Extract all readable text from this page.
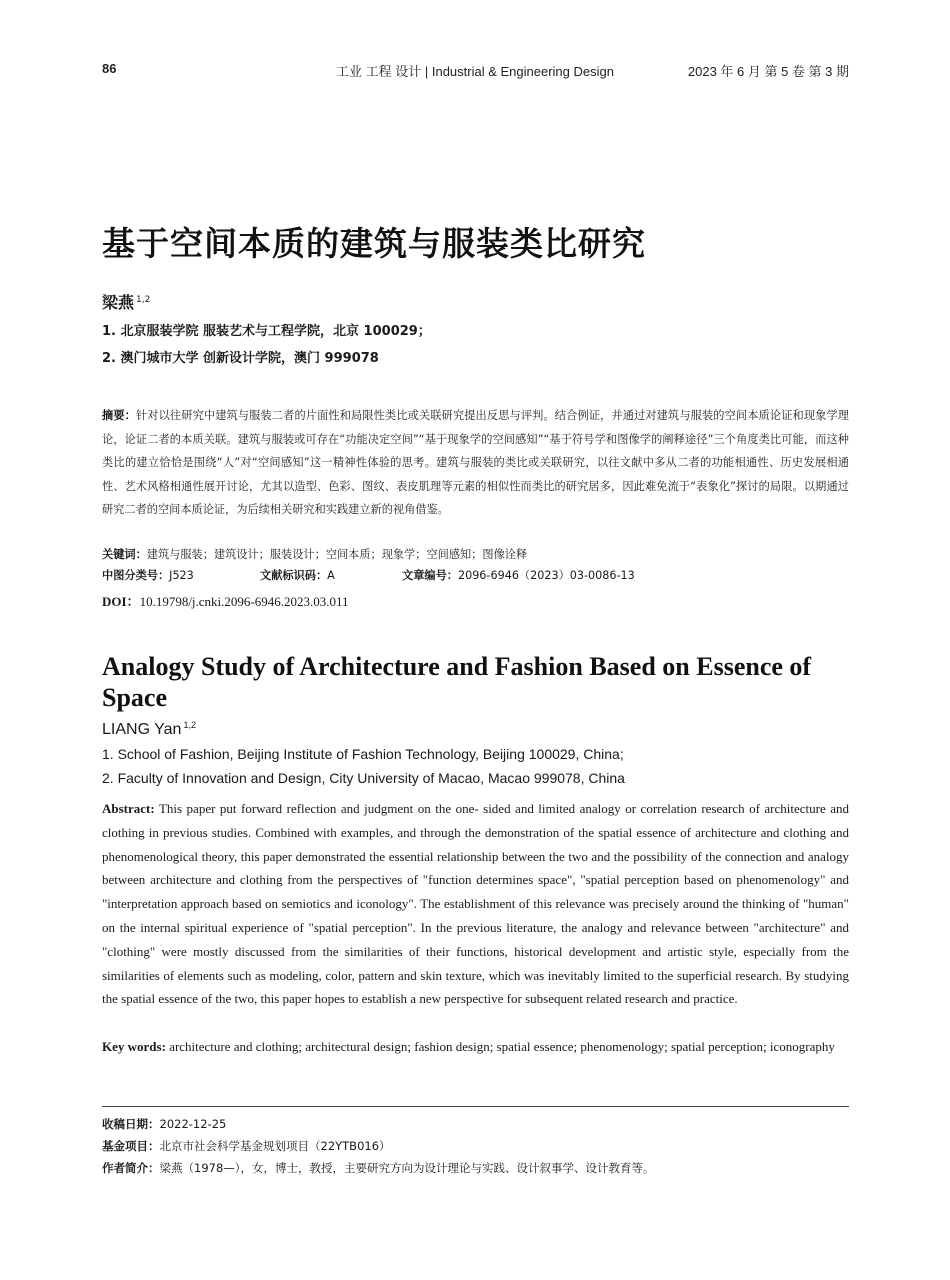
86	工业 工程 设计 | Industrial & Engineering Design	2023 年 6 月 第 5 卷 第 3 期
基于空间本质的建筑与服装类比研究
梁燕 $^{1,2}$
1. 北京服装学院 服装艺术与工程学院，北京 100029；
2. 澳门城市大学 创新设计学院，澳门 999078
摘要：针对以往研究中建筑与服装二者的片面性和局限性类比或关联研究提出反思与评判。结合例证，并通过对建筑与服装的空间本质论证和现象学理论，论证二者的本质关联。建筑与服装或可存在“功能决定空间”“基于现象学的空间感知”“基于符号学和图像学的阐释途径”三个角度类比可能，而这种类比的建立恰恰是围绕“人”对“空间感知”这一精神性体验的思考。建筑与服装的类比或关联研究，以往文献中多从二者的功能相通性、历史发展相通性、艺术风格相通性展开讨论，尤其以造型、色彩、图纹、表皮肌理等元素的相似性而类比的研究居多，因此难免流于“表象化”探讨的局限。以期通过研究二者的空间本质论证，为后续相关研究和实践建立新的视角借鉴。
关键词：建筑与服装；建筑设计；服装设计；空间本质；现象学；空间感知；图像诠释
中图分类号：J523	文献标识码：A	文章编号：2096-6946（2023）03-0086-13
DOI：10.19798/j.cnki.2096-6946.2023.03.011
Analogy Study of Architecture and Fashion Based on Essence of Space
LIANG Yan $^{1,2}$
1. School of Fashion, Beijing Institute of Fashion Technology, Beijing 100029, China;
2. Faculty of Innovation and Design, City University of Macao, Macao 999078, China
Abstract: This paper put forward reflection and judgment on the one- sided and limited analogy or correlation research of architecture and clothing in previous studies. Combined with examples, and through the demonstration of the spatial essence of architecture and clothing and phenomenological theory, this paper demonstrated the essential relationship between the two and the possibility of the connection and analogy between architecture and clothing from the perspectives of "function determines space", "spatial perception based on phenomenology" and "interpretation approach based on semiotics and iconology". The establishment of this relevance was precisely around the thinking of "human" on the internal spiritual experience of "spatial perception". In the previous literature, the analogy and relevance between "architecture" and "clothing" were mostly discussed from the similarities of their functions, historical development and artistic style, especially from the similarities of elements such as modeling, color, pattern and skin texture, which was inevitably limited to the superficial research. By studying the spatial essence of the two, this paper hopes to establish a new perspective for subsequent related research and practice.
Key words: architecture and clothing; architectural design; fashion design; spatial essence; phenomenology; spatial perception; iconography
收稿日期：2022-12-25
基金项目：北京市社会科学基金规划项目（22YTB016）
作者简介：梁燕（1978—），女，博士，教授，主要研究方向为设计理论与实践、设计叙事学、设计教育等。
